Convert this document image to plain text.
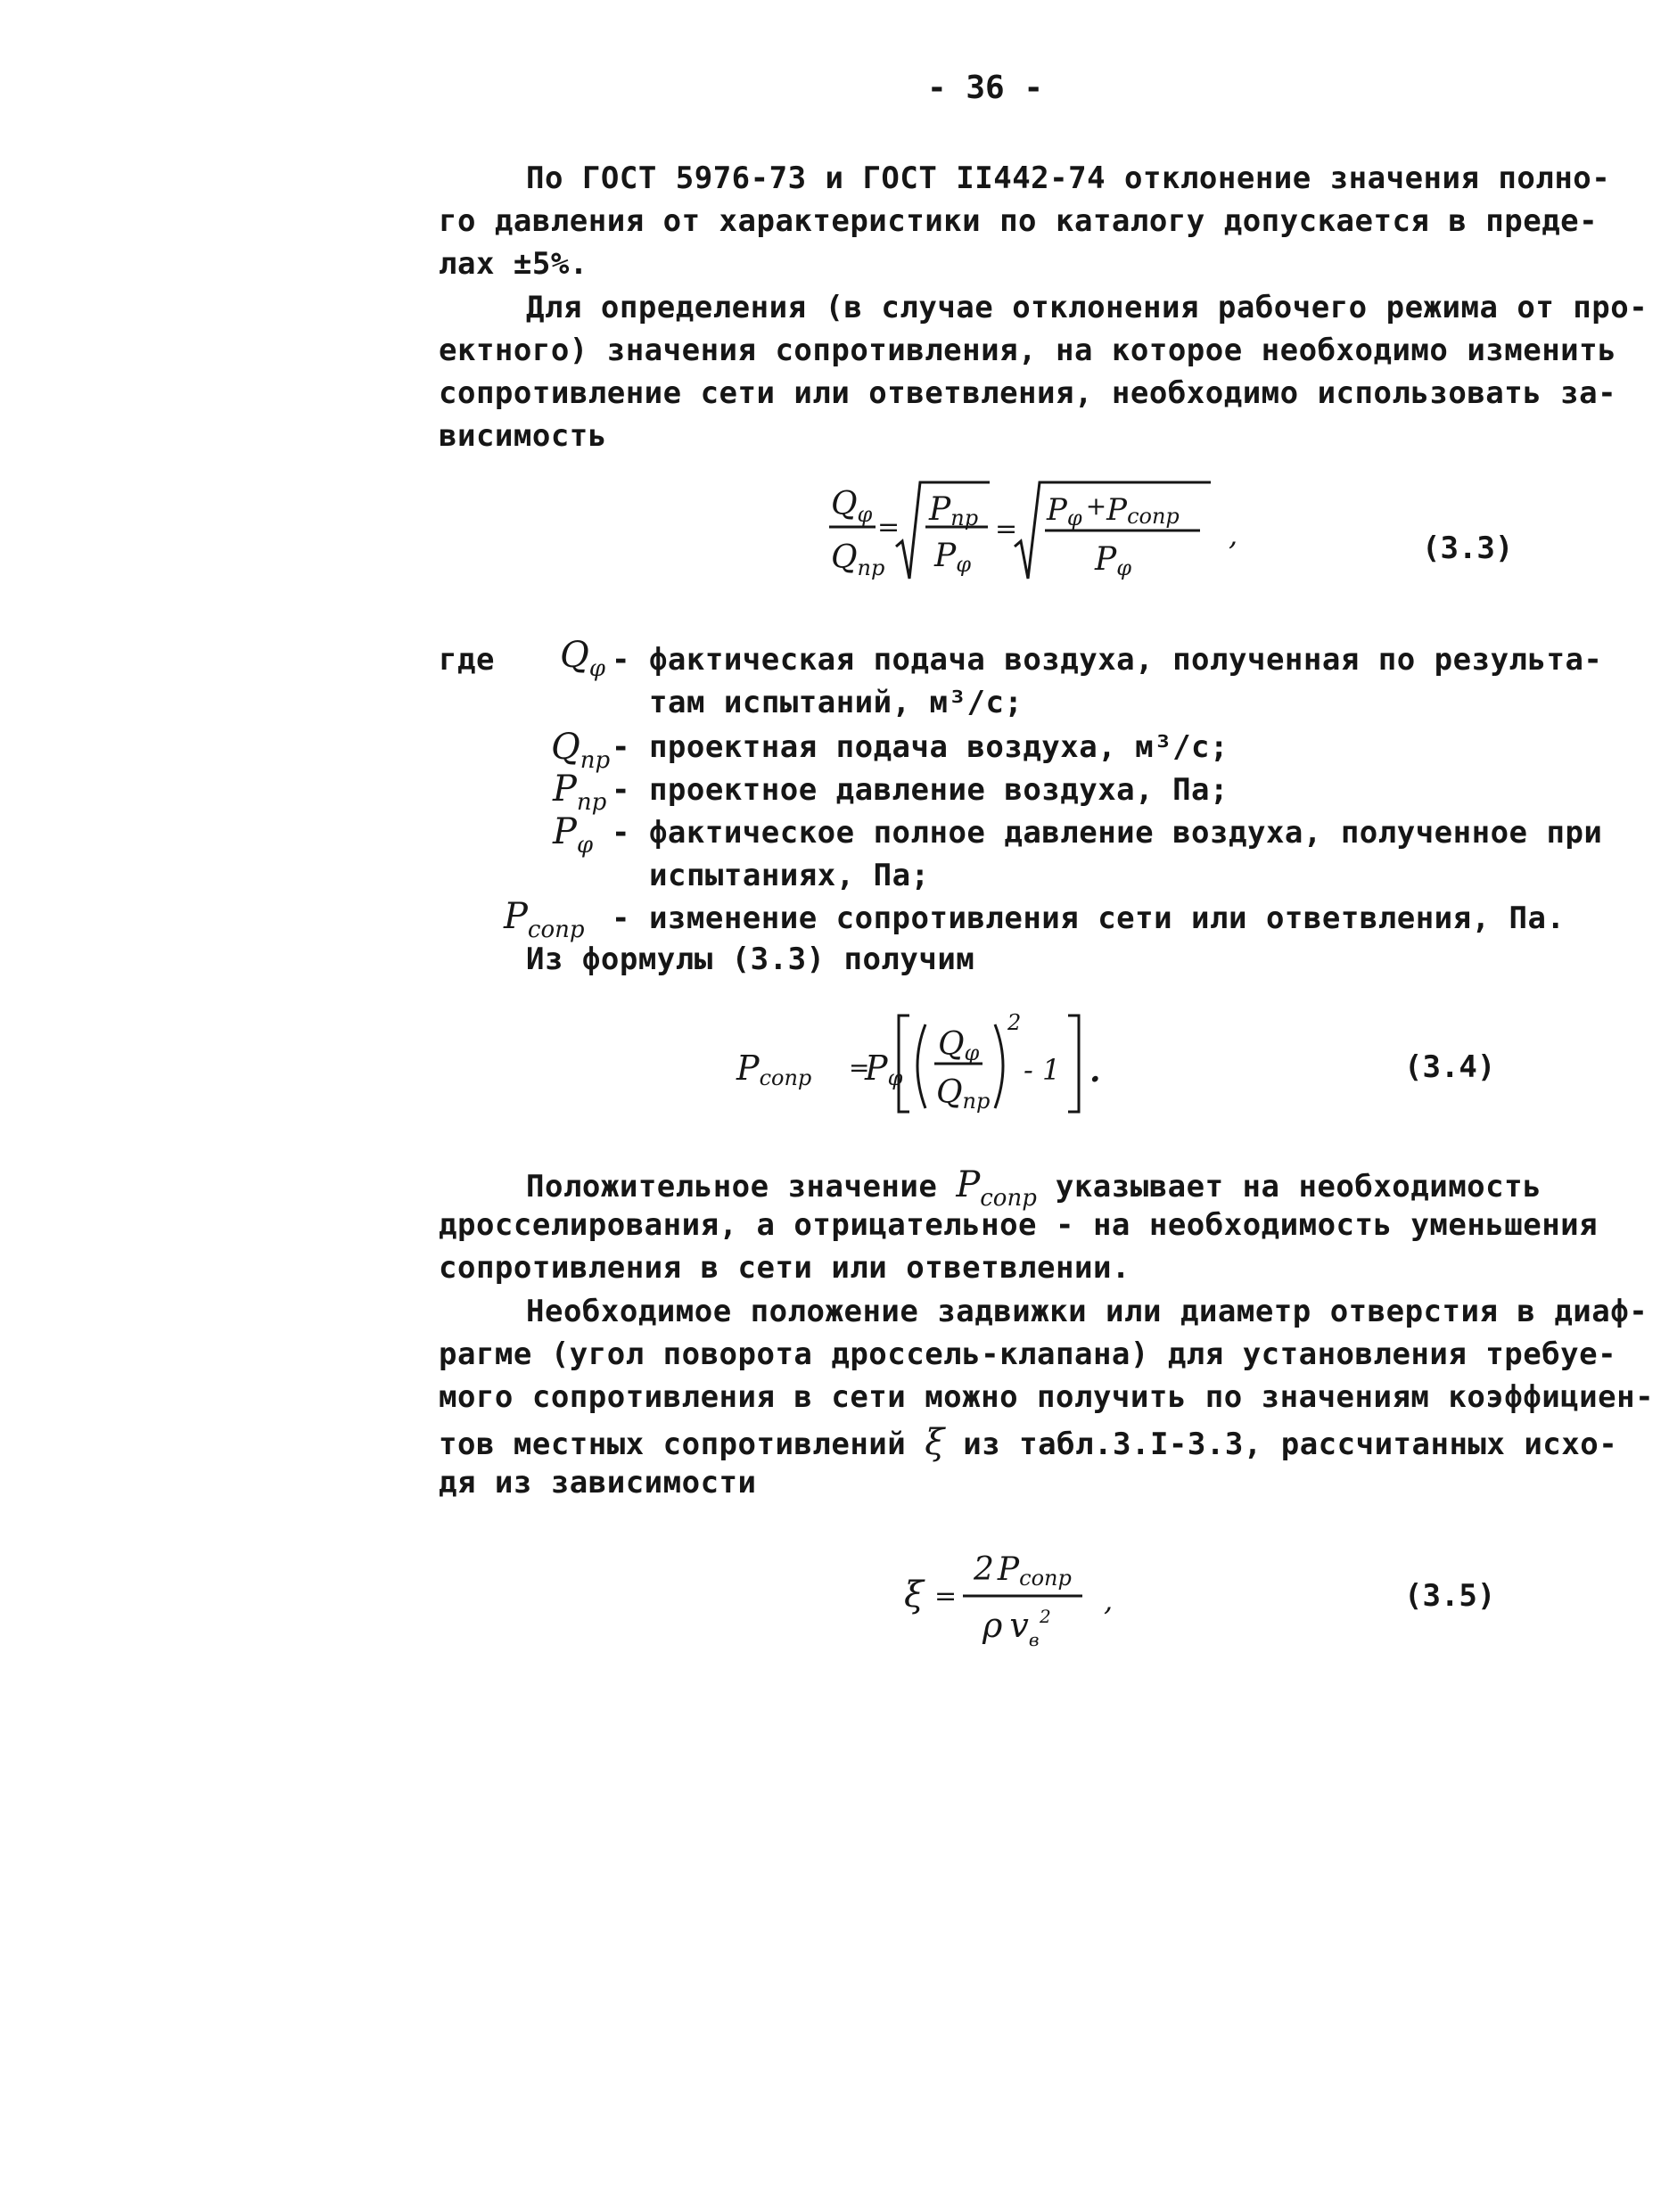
- 36 -
По ГОСТ 5976-73 и ГОСТ II442-74 отклонение значения полно-
го давления от характеристики по каталогу допускается в преде-
лах ±5%.
Для определения (в случае отклонения рабочего режима от про-
ектного) значения сопротивления, на которое необходимо изменить
сопротивление сети или ответвления, необходимо использовать за-
висимость
$Q_\varphi$
$Q_{пр}$
= Pпр
Pφ
=
Pφ +Pсопр
Pφ
,	(3.3)
где $Q_\varphi$ - фактическая подача воздуха, полученная по результа-
там испытаний, м³/с;
$Q_{пр}$ - проектная подача воздуха, м³/с;
$P_{пр}$ - проектное давление воздуха, Па;
$P_\varphi$ - фактическое полное давление воздуха, полученное при
испытаниях, Па;
$P_{сопр}$ - изменение сопротивления сети или ответвления, Па.
Из формулы (3.3) получим
Pсопр =
Pφ
Qφ
Qпр
2
- 1 .	(3.4)
Положительное значение $P_{сопр}$ указывает на необходимость
дросселирования, а отрицательное - на необходимость уменьшения
сопротивления в сети или ответвлении.
Необходимое положение задвижки или диаметр отверстия в диаф-
рагме (угол поворота дроссель-клапана) для установления требуе-
мого сопротивления в сети можно получить по значениям коэффициен-
тов местных сопротивлений ξ из табл.3.I-3.3, рассчитанных исхо-
дя из зависимости
ξ =
2 Pсопр
ρ $v_в$
2 ,	(3.5)
